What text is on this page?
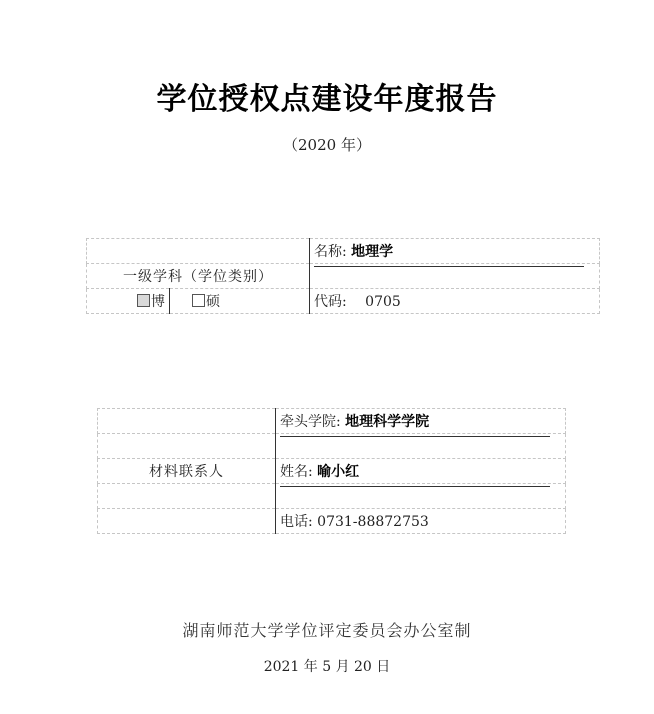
学位授权点建设年度报告
（2020 年）
		名称: 地理学
一级学科（学位类别）		

博	硕	代码: 0705
	牵头学院: 地理科学学院

材料联系人	姓名: 喻小红

	电话: 0731-88872753
湖南师范大学学位评定委员会办公室制
2021 年 5 月 20 日
